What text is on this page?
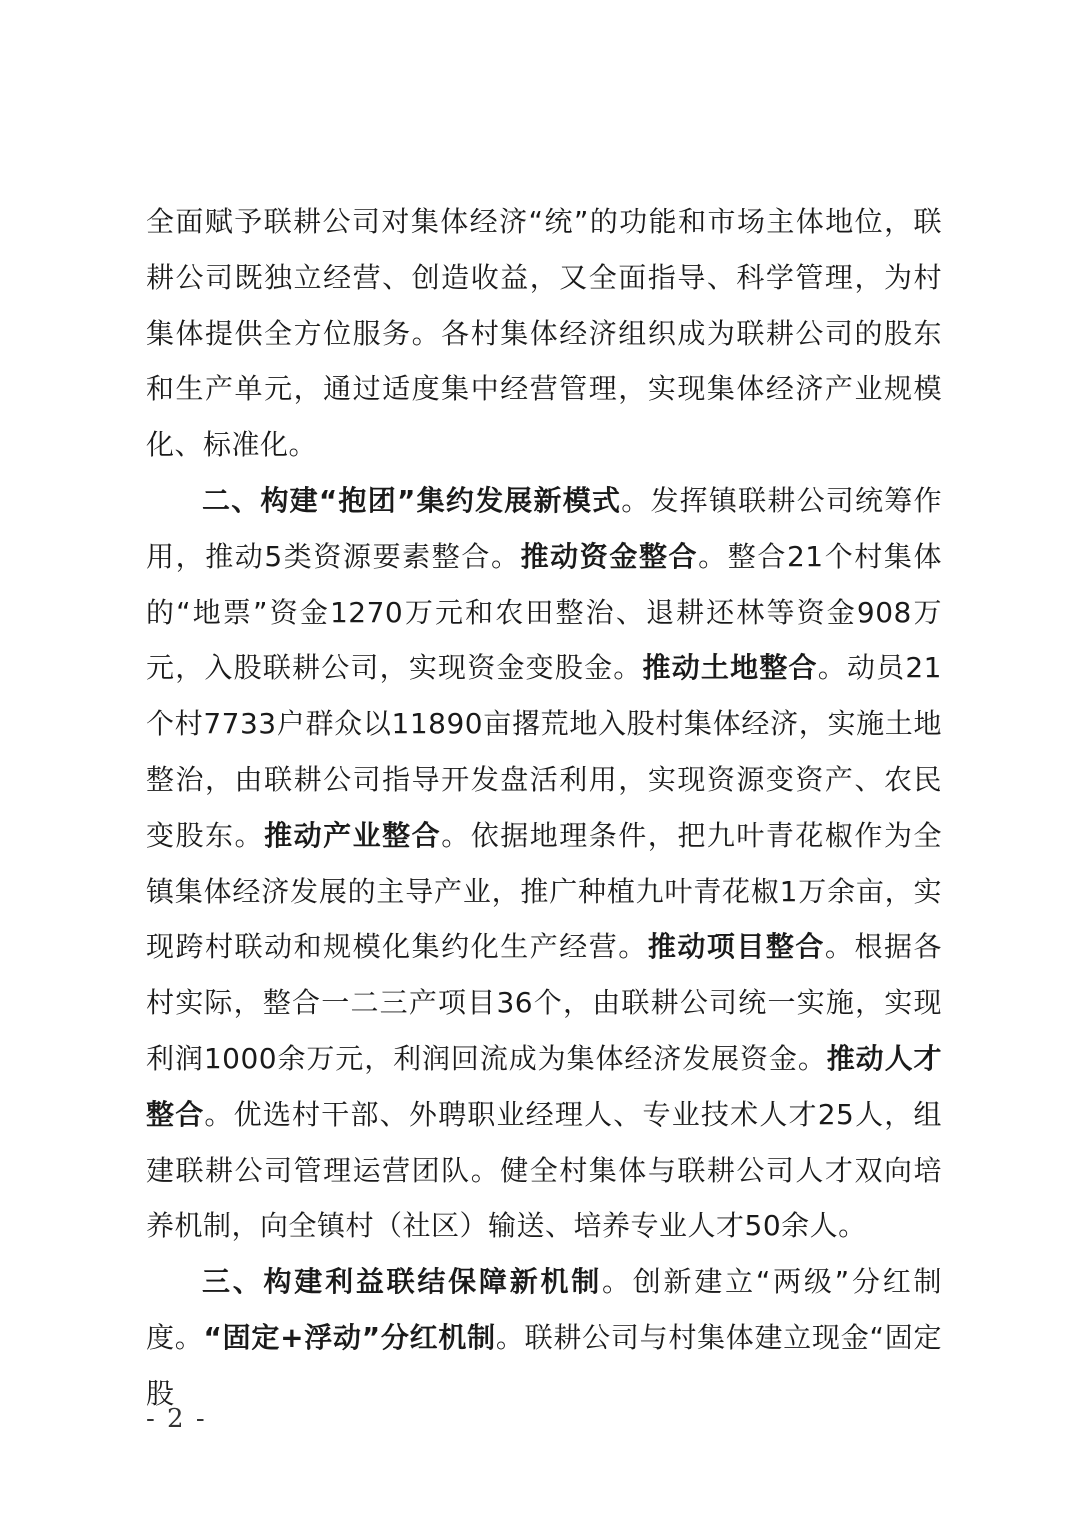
全面赋予联耕公司对集体经济“统”的功能和市场主体地位，联耕公司既独立经营、创造收益，又全面指导、科学管理，为村集体提供全方位服务。各村集体经济组织成为联耕公司的股东和生产单元，通过适度集中经营管理，实现集体经济产业规模化、标准化。

二、构建“抱团”集约发展新模式。发挥镇联耕公司统筹作用，推动5类资源要素整合。推动资金整合。整合21个村集体的“地票”资金1270万元和农田整治、退耕还林等资金908万元，入股联耕公司，实现资金变股金。推动土地整合。动员21个村7733户群众以11890亩撂荒地入股村集体经济，实施土地整治，由联耕公司指导开发盘活利用，实现资源变资产、农民变股东。推动产业整合。依据地理条件，把九叶青花椒作为全镇集体经济发展的主导产业，推广种植九叶青花椒1万余亩，实现跨村联动和规模化集约化生产经营。推动项目整合。根据各村实际，整合一二三产项目36个，由联耕公司统一实施，实现利润1000余万元，利润回流成为集体经济发展资金。推动人才整合。优选村干部、外聘职业经理人、专业技术人才25人，组建联耕公司管理运营团队。健全村集体与联耕公司人才双向培养机制，向全镇村（社区）输送、培养专业人才50余人。

三、构建利益联结保障新机制。创新建立“两级”分红制度。“固定+浮动”分红机制。联耕公司与村集体建立现金“固定股

- 2 -
